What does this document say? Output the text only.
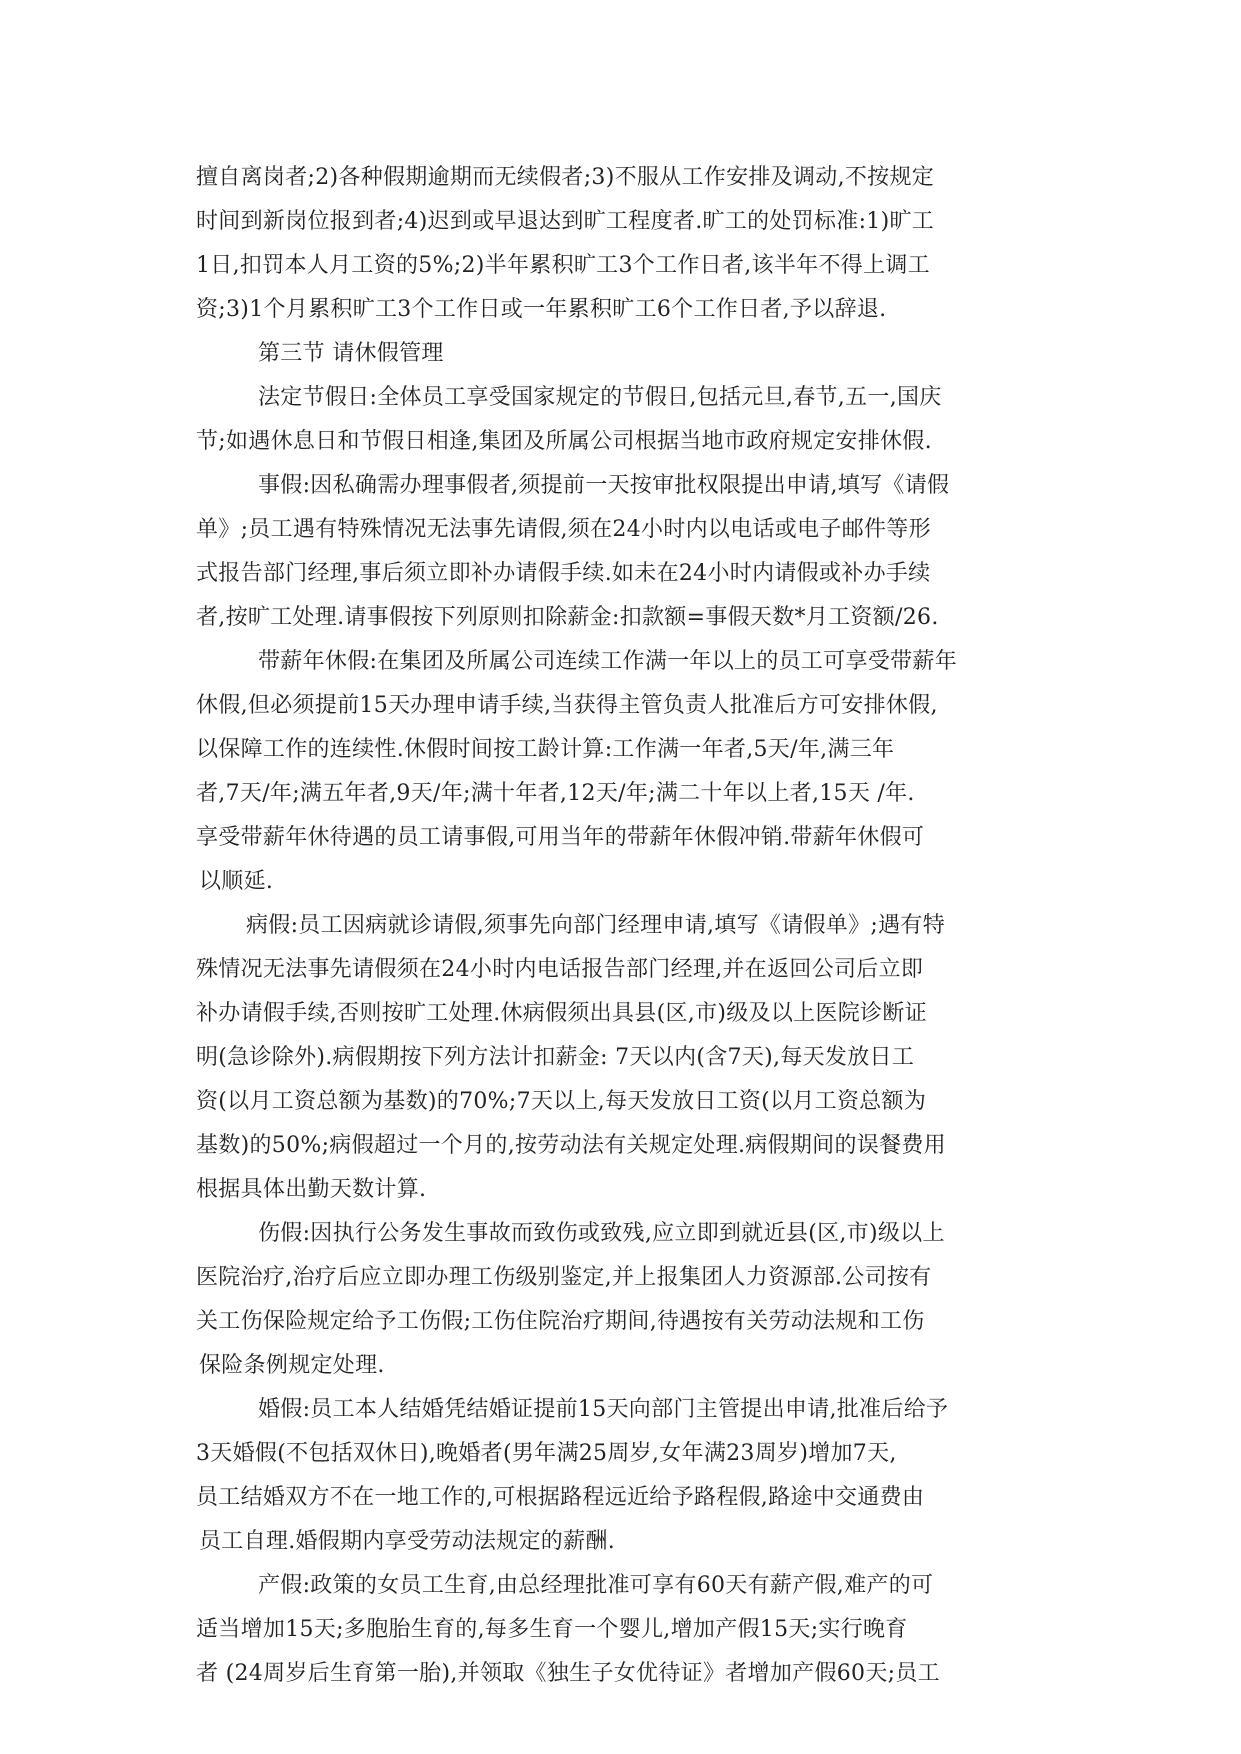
擅自离岗者;2)各种假期逾期而无续假者;3)不服从工作安排及调动,不按规定
时间到新岗位报到者;4)迟到或早退达到旷工程度者.旷工的处罚标准:1)旷工
1日,扣罚本人月工资的5%;2)半年累积旷工3个工作日者,该半年不得上调工
资;3)1个月累积旷工3个工作日或一年累积旷工6个工作日者,予以辞退.
第三节 请休假管理
法定节假日:全体员工享受国家规定的节假日,包括元旦,春节,五一,国庆
节;如遇休息日和节假日相逢,集团及所属公司根据当地市政府规定安排休假.
事假:因私确需办理事假者,须提前一天按审批权限提出申请,填写《请假
单》;员工遇有特殊情况无法事先请假,须在24小时内以电话或电子邮件等形
式报告部门经理,事后须立即补办请假手续.如未在24小时内请假或补办手续
者,按旷工处理.请事假按下列原则扣除薪金:扣款额=事假天数*月工资额/26.
带薪年休假:在集团及所属公司连续工作满一年以上的员工可享受带薪年
休假,但必须提前15天办理申请手续,当获得主管负责人批准后方可安排休假,
以保障工作的连续性.休假时间按工龄计算:工作满一年者,5天/年,满三年
者,7天/年;满五年者,9天/年;满十年者,12天/年;满二十年以上者,15天 /年.
享受带薪年休待遇的员工请事假,可用当年的带薪年休假冲销.带薪年休假可
以顺延.
病假:员工因病就诊请假,须事先向部门经理申请,填写《请假单》;遇有特
殊情况无法事先请假须在24小时内电话报告部门经理,并在返回公司后立即
补办请假手续,否则按旷工处理.休病假须出具县(区,市)级及以上医院诊断证
明(急诊除外).病假期按下列方法计扣薪金: 7天以内(含7天),每天发放日工
资(以月工资总额为基数)的70%;7天以上,每天发放日工资(以月工资总额为
基数)的50%;病假超过一个月的,按劳动法有关规定处理.病假期间的误餐费用
根据具体出勤天数计算.
伤假:因执行公务发生事故而致伤或致残,应立即到就近县(区,市)级以上
医院治疗,治疗后应立即办理工伤级别鉴定,并上报集团人力资源部.公司按有
关工伤保险规定给予工伤假;工伤住院治疗期间,待遇按有关劳动法规和工伤
保险条例规定处理.
婚假:员工本人结婚凭结婚证提前15天向部门主管提出申请,批准后给予
3天婚假(不包括双休日),晚婚者(男年满25周岁,女年满23周岁)增加7天,
员工结婚双方不在一地工作的,可根据路程远近给予路程假,路途中交通费由
员工自理.婚假期内享受劳动法规定的薪酬.
产假:政策的女员工生育,由总经理批准可享有60天有薪产假,难产的可
适当增加15天;多胞胎生育的,每多生育一个婴儿,增加产假15天;实行晚育
者 (24周岁后生育第一胎),并领取《独生子女优待证》者增加产假60天;员工
